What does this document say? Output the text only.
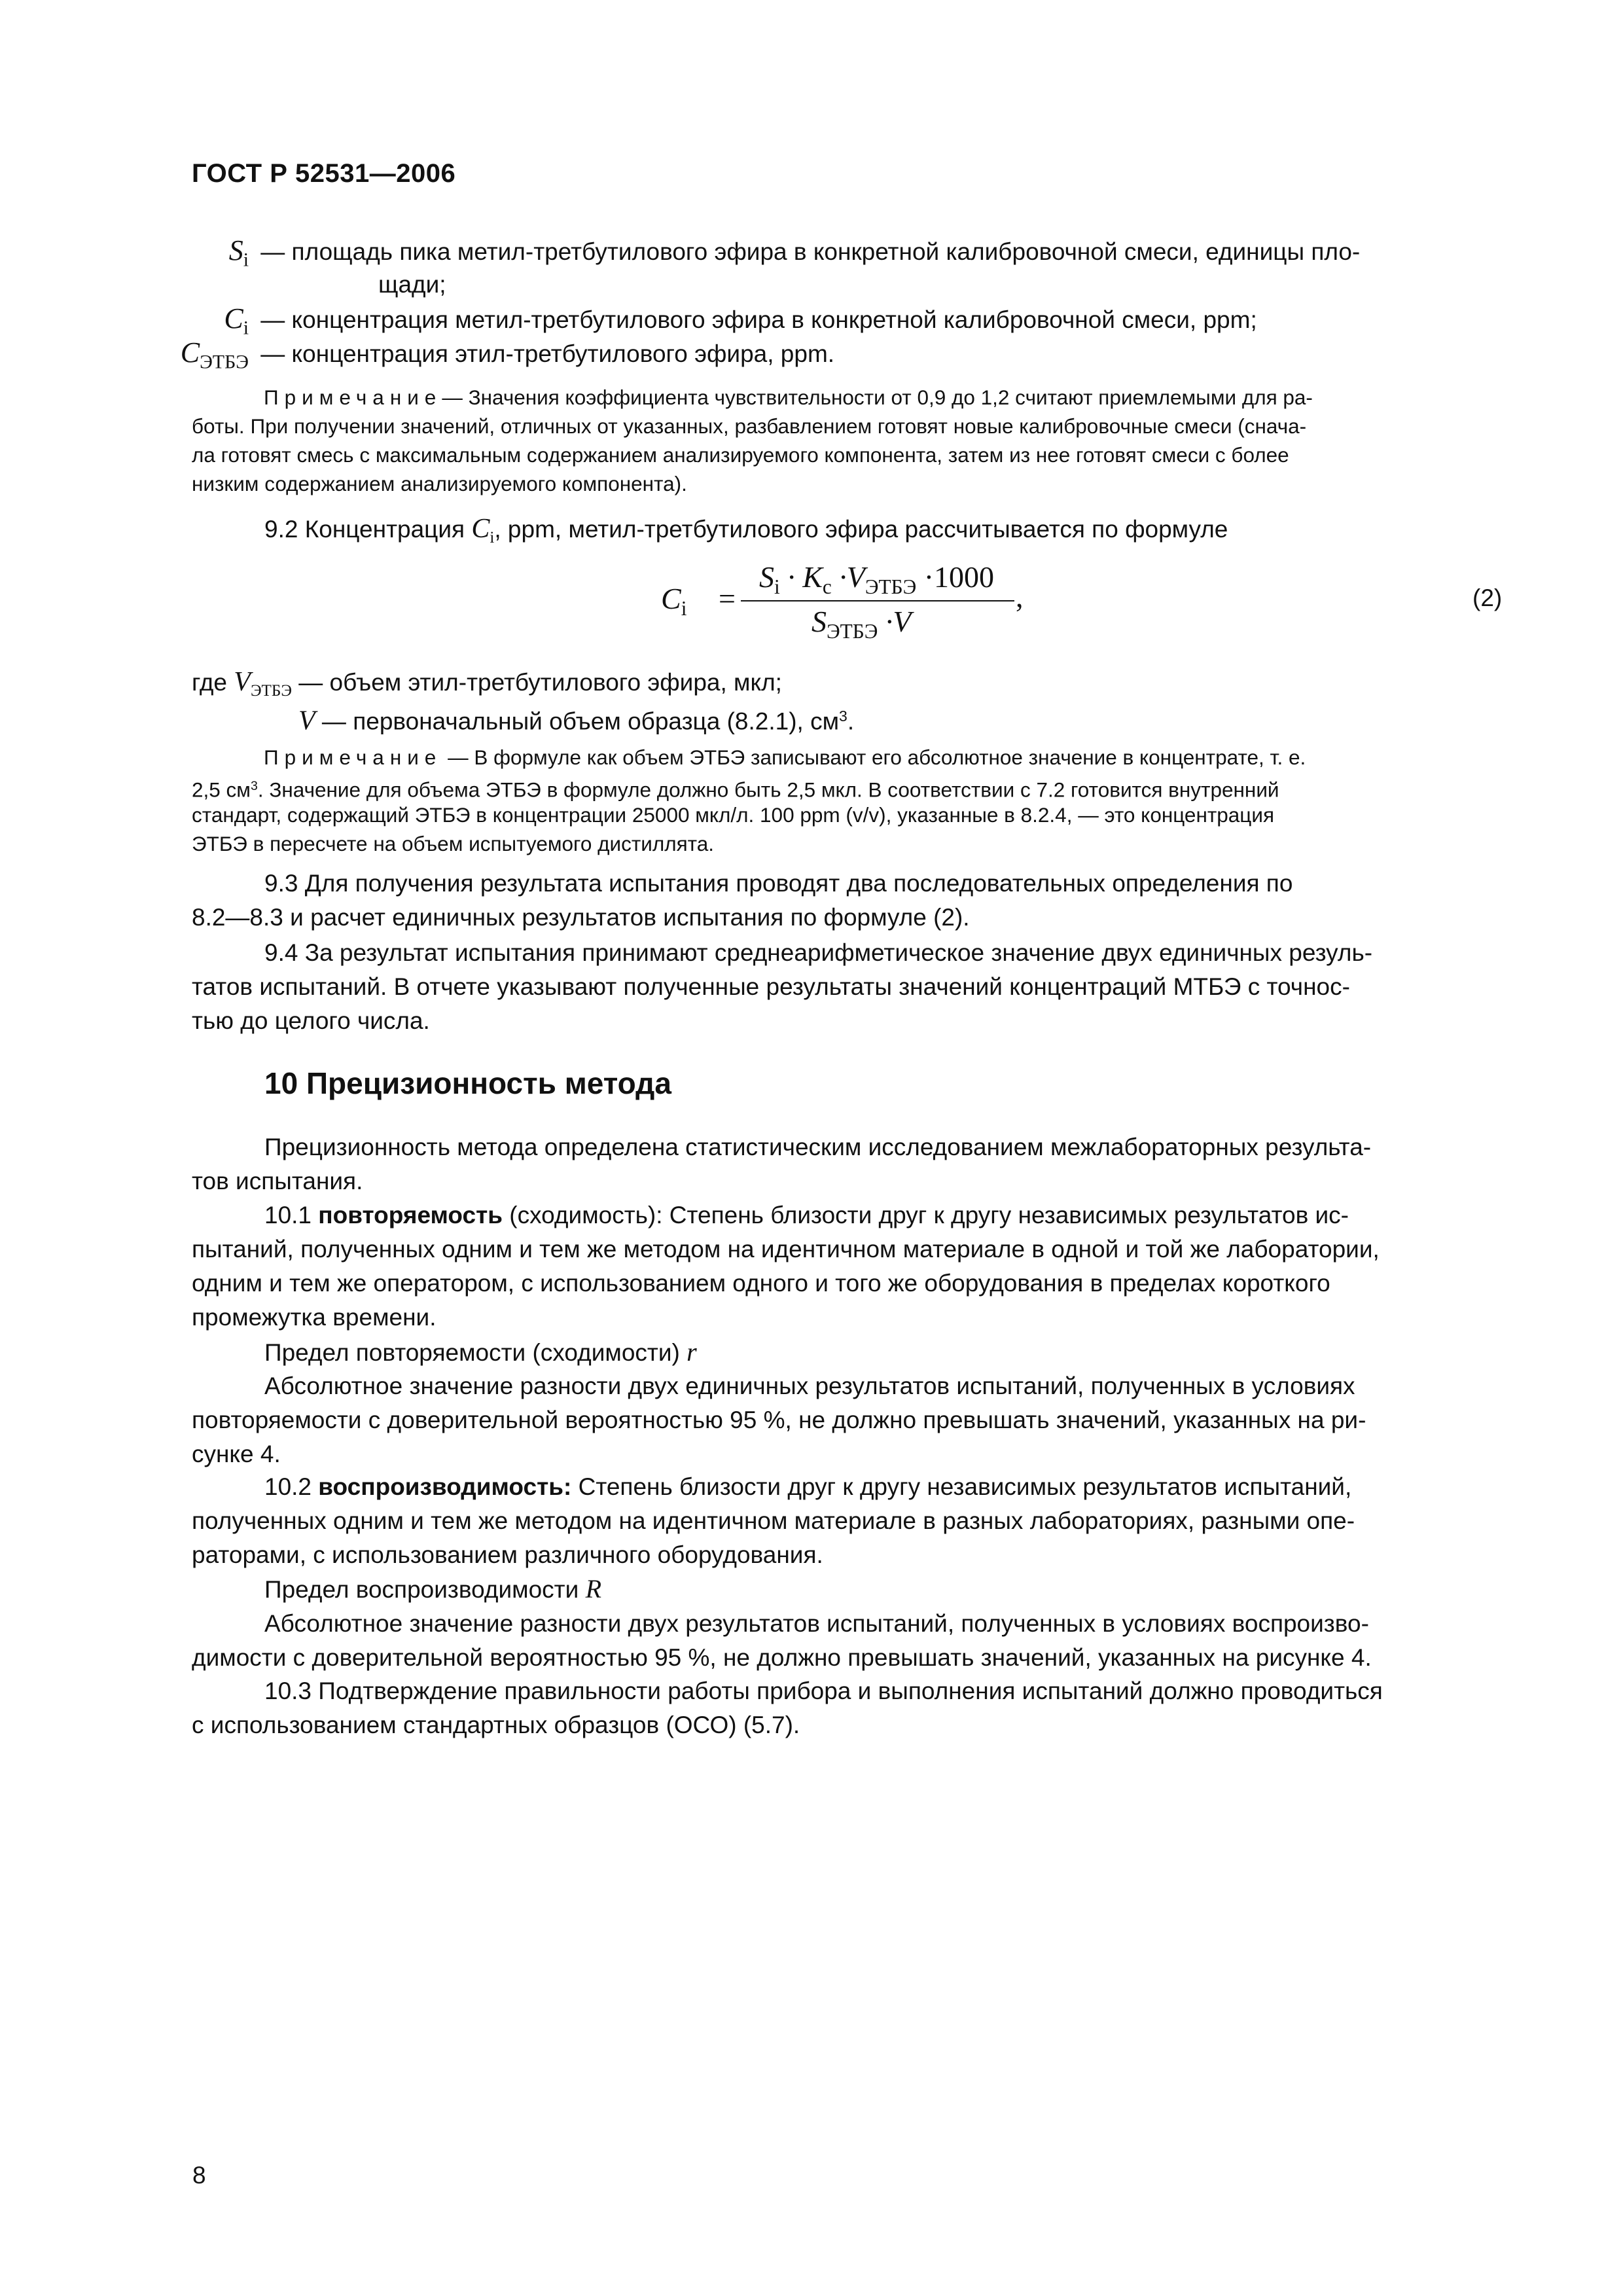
ГОСТ Р 52531—2006
$S_i$ — площадь пика метил-третбутилового эфира в конкретной калибровочной смеси, единицы пло-
щади;
$C_i$ — концентрация метил-третбутилового эфира в конкретной калибровочной смеси, ppm;
$C_{ЭТБЭ}$ — концентрация этил-третбутилового эфира, ppm.
Примечание— Значения коэффициента чувствительности от 0,9 до 1,2 считают приемлемыми для ра-
боты. При получении значений, отличных от указанных, разбавлением готовят новые калибровочные смеси (снача-
ла готовят смесь с максимальным содержанием анализируемого компонента, затем из нее готовят смеси с более
низким содержанием анализируемого компонента).
9.2 Концентрация $C_i$, ppm, метил-третбутилового эфира рассчитывается по формуле
$C_i$ =
$S_i \cdot K_c \cdot V_{ЭТБЭ} \cdot 1000$
$S_{ЭТБЭ} \cdot V$
,	(2)
где $V_{ЭТБЭ}$ — объем этил-третбутилового эфира, мкл;
V — первоначальный объем образца (8.2.1), $см^3$.
Примечание — В формуле как объем ЭТБЭ записывают его абсолютное значение в концентрате, т. е.
2,5 $см^3$. Значение для объема ЭТБЭ в формуле должно быть 2,5 мкл. В соответствии с 7.2 готовится внутренний
стандарт, содержащий ЭТБЭ в концентрации 25000 мкл/л. 100 ppm (v/v), указанные в 8.2.4, — это концентрация
ЭТБЭ в пересчете на объем испытуемого дистиллята.
9.3 Для получения результата испытания проводят два последовательных определения по
8.2—8.3 и расчет единичных результатов испытания по формуле (2).
9.4 За результат испытания принимают среднеарифметическое значение двух единичных резуль-
татов испытаний. В отчете указывают полученные результаты значений концентраций МТБЭ с точнос-
тью до целого числа.
10 Прецизионность метода
Прецизионность метода определена статистическим исследованием межлабораторных результа-
тов испытания.
10.1 повторяемость (сходимость): Степень близости друг к другу независимых результатов ис-
пытаний, полученных одним и тем же методом на идентичном материале в одной и той же лаборатории,
одним и тем же оператором, с использованием одного и того же оборудования в пределах короткого
промежутка времени.
Предел повторяемости (сходимости) r
Абсолютное значение разности двух единичных результатов испытаний, полученных в условиях
повторяемости с доверительной вероятностью 95 %, не должно превышать значений, указанных на ри-
сунке 4.
10.2 воспроизводимость: Степень близости друг к другу независимых результатов испытаний,
полученных одним и тем же методом на идентичном материале в разных лабораториях, разными опе-
раторами, с использованием различного оборудования.
Предел воспроизводимости R
Абсолютное значение разности двух результатов испытаний, полученных в условиях воспроизво-
димости с доверительной вероятностью 95 %, не должно превышать значений, указанных на рисунке 4.
10.3 Подтверждение правильности работы прибора и выполнения испытаний должно проводиться
с использованием стандартных образцов (ОСО) (5.7).
8
